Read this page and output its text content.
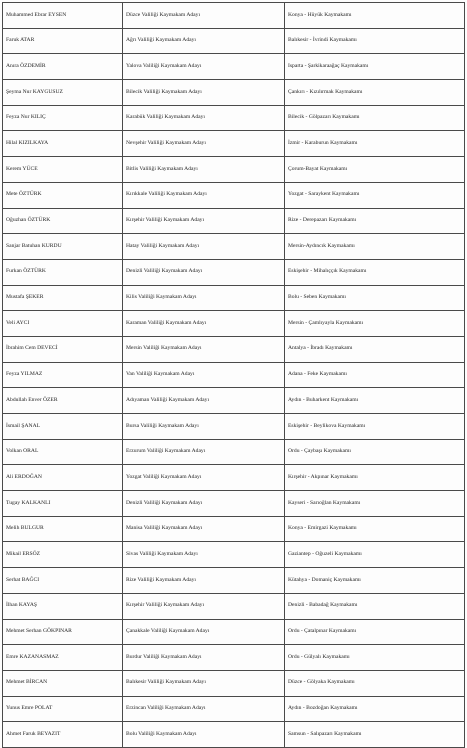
Muhammed Ebrar EYSEN	Düzce Valiliği Kaymakam Adayı	Konya - Hüyük Kaymakamı
Faruk ATAR	Ağrı Valiliği Kaymakam Adayı	Balıkesir - İvrindi Kaymakamı
Anıra ÖZDEMİR	Yalova Valiliği Kaymakam Adayı	Isparta - Şarkikaraağaç Kaymakamı
Şeyma Nur KAYGUSUZ	Bilecik Valiliği Kaymakam Adayı	Çankırı - Kızılırmak Kaymakamı
Feyza Nur KILIÇ	Karabük Valiliği Kaymakam Adayı	Bilecik - Gölpazarı Kaymakamı
Hilal KIZILKAYA	Nevşehir Valiliği Kaymakam Adayı	İzmir - Karaburun Kaymakamı
Kerem YÜCE	Bitlis Valiliği Kaymakam Adayı	Çorum-Bayat Kaymakamı
Mete ÖZTÜRK	Kırıkkale Valiliği Kaymakam Adayı	Yozgat - Saraykent Kaymakamı
Oğuzhan ÖZTÜRK	Kırşehir Valiliği Kaymakam Adayı	Rize - Derepazarı Kaymakamı
Sanjar Batuhan KURDU	Hatay Valiliği Kaymakam Adayı	Mersin-Aydıncık Kaymakamı
Furkan ÖZTÜRK	Denizli Valiliği Kaymakam Adayı	Eskişehir - Mihalıççık Kaymakamı
Mustafa ŞEKER	Kilis Valiliği Kaymakam Adayı	Bolu - Seben Kaymakamı
Veli AYCI	Karaman Valiliği Kaymakam Adayı	Mersin - Çamlıyayla Kaymakamı
İbrahim Cem DEVECİ	Mersin Valiliği Kaymakam Adayı	Antalya - İbradı Kaymakamı
Feyza YILMAZ	Van Valiliği Kaymakam Adayı	Adana - Feke Kaymakamı
Abdullah Enver ÖZER	Adıyaman Valiliği Kaymakam Adayı	Aydın - Buharkent Kaymakamı
İsmail ŞANAL	Bursa Valiliği Kaymakam Adayı	Eskişehir - Beylikova Kaymakamı
Volkan ORAL	Erzurum Valiliği Kaymakam Adayı	Ordu - Çaybaşı Kaymakamı
Ali ERDOĞAN	Yozgat Valiliği Kaymakam Adayı	Kırşehir - Akpınar Kaymakamı
Tugay KALKANLI	Denizli Valiliği Kaymakam Adayı	Kayseri - Sarıoğlan Kaymakamı
Melih BULGUR	Manisa Valiliği Kaymakam Adayı	Konya - Emirgazi Kaymakamı
Mikail ERSÖZ	Sivas Valiliği Kaymakam Adayı	Gaziantep - Oğuzeli Kaymakamı
Serhat BAĞCI	Rize Valiliği Kaymakam Adayı	Kütahya - Domaniç Kaymakamı
İlhan KAYAŞ	Kırşehir Valiliği Kaymakam Adayı	Denizli - Babadağ Kaymakamı
Mehmet Serhan GÖKPINAR	Çanakkale Valiliği Kaymakam Adayı	Ordu - Çatalpınar Kaymakamı
Emre KAZANASMAZ	Burdur Valiliği Kaymakam Adayı	Ordu - Gülyalı Kaymakamı
Mehmet BİRCAN	Balıkesir Valiliği Kaymakam Adayı	Düzce - Gölyaka Kaymakamı
Yunus Emre POLAT	Erzincan Valiliği Kaymakam Adayı	Aydın - Bozdoğan Kaymakamı
Ahmet Faruk BEYAZIT	Bolu Valiliği Kaymakam Adayı	Samsun - Salıpazarı Kaymakamı
